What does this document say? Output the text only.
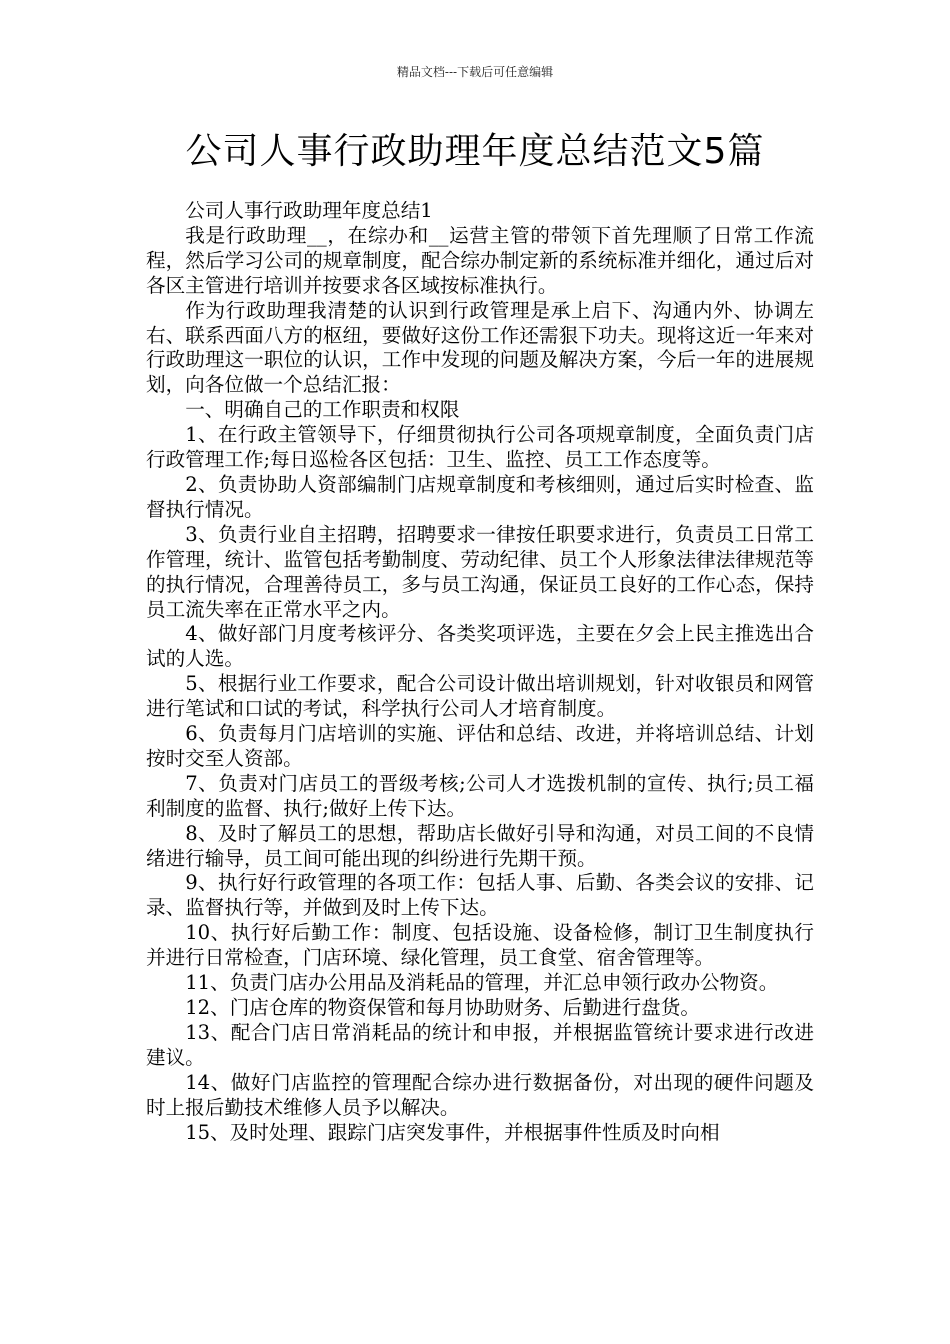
精品文档---下载后可任意编辑
公司人事行政助理年度总结范文5篇

公司人事行政助理年度总结1

我是行政助理__，在综办和__运营主管的带领下首先理顺了日常工作流程，然后学习公司的规章制度，配合综办制定新的系统标准并细化，通过后对各区主管进行培训并按要求各区域按标准执行。

作为行政助理我清楚的认识到行政管理是承上启下、沟通内外、协调左右、联系西面八方的枢纽，要做好这份工作还需狠下功夫。现将这近一年来对行政助理这一职位的认识，工作中发现的问题及解决方案，今后一年的进展规划，向各位做一个总结汇报：

一、明确自己的工作职责和权限

1、在行政主管领导下，仔细贯彻执行公司各项规章制度，全面负责门店行政管理工作;每日巡检各区包括：卫生、监控、员工工作态度等。

2、负责协助人资部编制门店规章制度和考核细则，通过后实时检查、监督执行情况。

3、负责行业自主招聘，招聘要求一律按任职要求进行，负责员工日常工作管理，统计、监管包括考勤制度、劳动纪律、员工个人形象法律法律规范等的执行情况，合理善待员工，多与员工沟通，保证员工良好的工作心态，保持员工流失率在正常水平之内。

4、做好部门月度考核评分、各类奖项评选，主要在夕会上民主推选出合试的人选。

5、根据行业工作要求，配合公司设计做出培训规划，针对收银员和网管进行笔试和口试的考试，科学执行公司人才培育制度。

6、负责每月门店培训的实施、评估和总结、改进，并将培训总结、计划按时交至人资部。

7、负责对门店员工的晋级考核;公司人才选拨机制的宣传、执行;员工福利制度的监督、执行;做好上传下达。

8、及时了解员工的思想，帮助店长做好引导和沟通，对员工间的不良情绪进行输导，员工间可能出现的纠纷进行先期干预。

9、执行好行政管理的各项工作：包括人事、后勤、各类会议的安排、记录、监督执行等，并做到及时上传下达。

10、执行好后勤工作：制度、包括设施、设备检修，制订卫生制度执行并进行日常检查，门店环境、绿化管理，员工食堂、宿舍管理等。

11、负责门店办公用品及消耗品的管理，并汇总申领行政办公物资。

12、门店仓库的物资保管和每月协助财务、后勤进行盘货。

13、配合门店日常消耗品的统计和申报，并根据监管统计要求进行改进建议。

14、做好门店监控的管理配合综办进行数据备份，对出现的硬件问题及时上报后勤技术维修人员予以解决。

15、及时处理、跟踪门店突发事件，并根据事件性质及时向相
